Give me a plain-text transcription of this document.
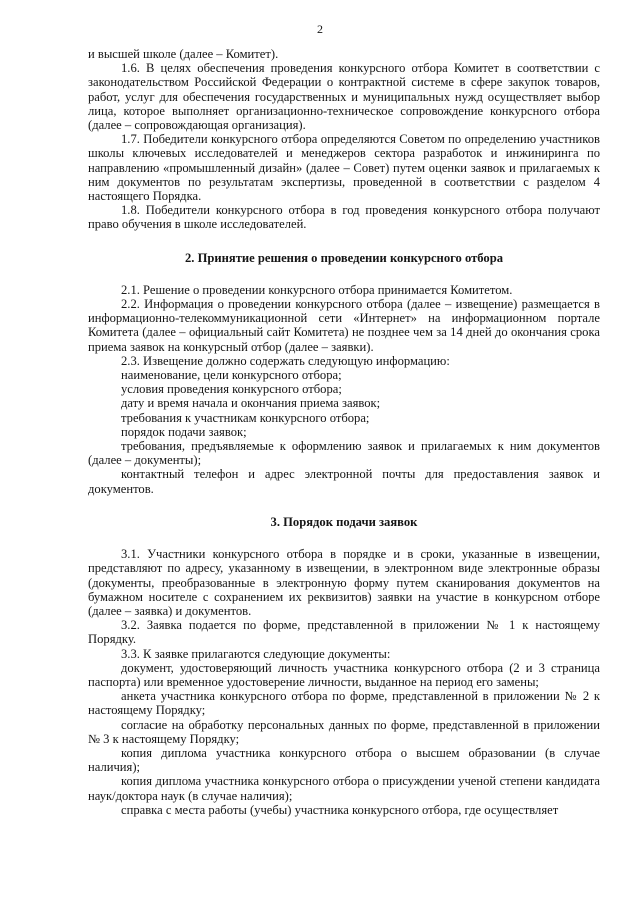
2

и высшей школе (далее – Комитет).

1.6. В целях обеспечения проведения конкурсного отбора Комитет в соответствии с законодательством Российской Федерации о контрактной системе в сфере закупок товаров, работ, услуг для обеспечения государственных и муниципальных нужд осуществляет выбор лица, которое выполняет организационно-техническое сопровождение конкурсного отбора (далее – сопровождающая организация).

1.7. Победители конкурсного отбора определяются Советом по определению участников школы ключевых исследователей и менеджеров сектора разработок и инжиниринга по направлению «промышленный дизайн» (далее – Совет) путем оценки заявок и прилагаемых к ним документов по результатам экспертизы, проведенной в соответствии с разделом 4 настоящего Порядка.

1.8. Победители конкурсного отбора в год проведения конкурсного отбора получают право обучения в школе исследователей.

2. Принятие решения о проведении конкурсного отбора

2.1. Решение о проведении конкурсного отбора принимается Комитетом.

2.2. Информация о проведении конкурсного отбора (далее – извещение) размещается в информационно-телекоммуникационной сети «Интернет» на информационном портале Комитета (далее – официальный сайт Комитета) не позднее чем за 14 дней до окончания срока приема заявок на конкурсный отбор (далее – заявки).

2.3. Извещение должно содержать следующую информацию:

наименование, цели конкурсного отбора;

условия проведения конкурсного отбора;

дату и время начала и окончания приема заявок;

требования к участникам конкурсного отбора;

порядок подачи заявок;

требования, предъявляемые к оформлению заявок и прилагаемых к ним документов (далее – документы);

контактный телефон и адрес электронной почты для предоставления заявок и документов.

3. Порядок подачи заявок

3.1. Участники конкурсного отбора в порядке и в сроки, указанные в извещении, представляют по адресу, указанному в извещении, в электронном виде электронные образы (документы, преобразованные в электронную форму путем сканирования документов на бумажном носителе с сохранением их реквизитов) заявки на участие в конкурсном отборе (далее – заявка) и документов.

3.2. Заявка подается по форме, представленной в приложении № 1 к настоящему Порядку.

3.3. К заявке прилагаются следующие документы:

документ, удостоверяющий личность участника конкурсного отбора (2 и 3 страница паспорта) или временное удостоверение личности, выданное на период его замены;

анкета участника конкурсного отбора по форме, представленной в приложении № 2 к настоящему Порядку;

согласие на обработку персональных данных по форме, представленной в приложении № 3 к настоящему Порядку;

копия диплома участника конкурсного отбора о высшем образовании (в случае наличия);

копия диплома участника конкурсного отбора о присуждении ученой степени кандидата наук/доктора наук (в случае наличия);

справка с места работы (учебы) участника конкурсного отбора, где осуществляет
